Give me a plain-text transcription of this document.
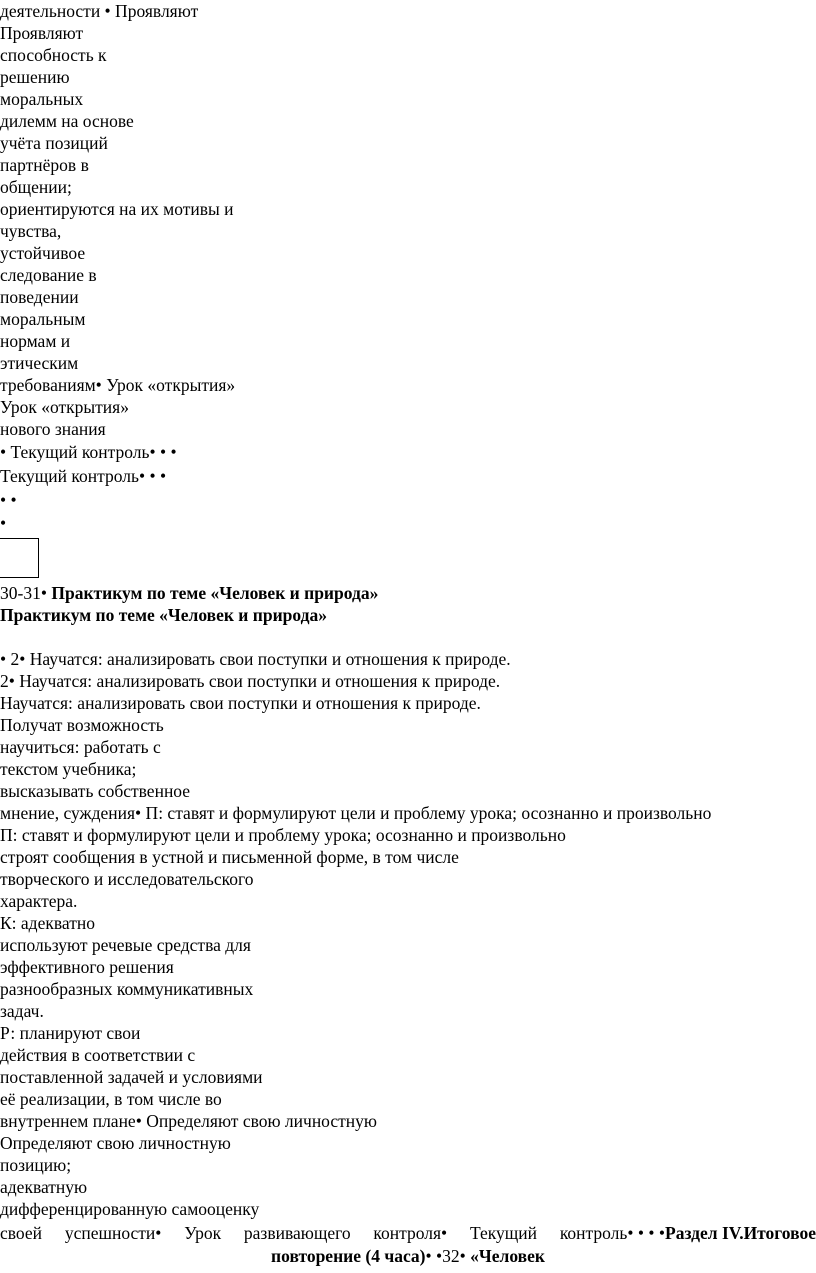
деятельности • Проявляют
Проявляют
способность к
решению
моральных
дилемм на основе
учёта позиций
партнёров в
общении;
ориентируются на их мотивы и
чувства,
устойчивое
следование в
поведении
моральным
нормам и
этическим
требованиям• Урок «открытия»
Урок «открытия»
нового знания
• Текущий контроль• • •
Текущий контроль• • •
• •
•
30-31• Практикум по теме «Человек и природа»
Практикум по теме «Человек и природа»
• 2• Научатся: анализировать свои поступки и отношения к природе.
2• Научатся: анализировать свои поступки и отношения к природе.
Научатся: анализировать свои поступки и отношения к природе.
Получат возможность
научиться: работать с
текстом учебника;
высказывать собственное
мнение, суждения• П: ставят и формулируют цели и проблему урока; осознанно и произвольно
П: ставят и формулируют цели и проблему урока; осознанно и произвольно
строят сообщения в устной и письменной форме, в том числе
творческого и исследовательского
характера.
К: адекватно
используют речевые средства для
эффективного решения
разнообразных коммуникативных
задач.
Р: планируют свои
действия в соответствии с
поставленной задачей и условиями
её реализации, в том числе во
внутреннем плане• Определяют свою личностную
Определяют свою личностную
позицию;
адекватную
дифференцированную самооценку
своей успешности• Урок развивающего контроля• Текущий контроль• • • •Раздел IV.Итоговое
повторение (4 часа)• •32• «Человек
